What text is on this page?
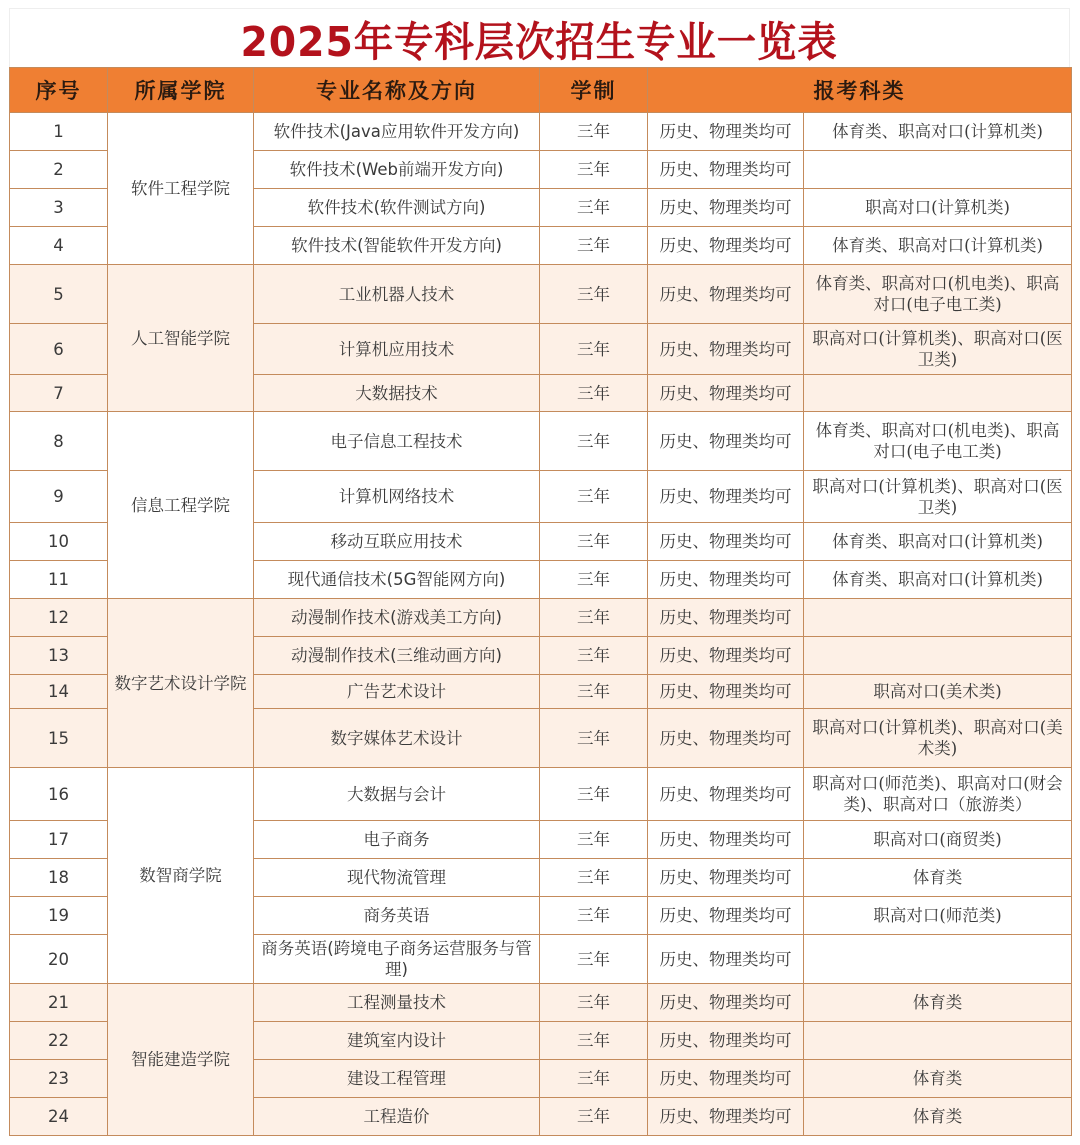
2025年专科层次招生专业一览表
序号	所属学院	专业名称及方向	学制	报考科类	
1	软件工程学院	软件技术(Java应用软件开发方向)	三年	历史、物理类均可	体育类、职高对口(计算机类)
2		软件技术(Web前端开发方向)	三年	历史、物理类均可	
3		软件技术(软件测试方向)	三年	历史、物理类均可	职高对口(计算机类)
4		软件技术(智能软件开发方向)	三年	历史、物理类均可	体育类、职高对口(计算机类)
5	人工智能学院	工业机器人技术	三年	历史、物理类均可	体育类、职高对口(机电类)、职高对口(电子电工类)
6		计算机应用技术	三年	历史、物理类均可	职高对口(计算机类)、职高对口(医卫类)
7		大数据技术	三年	历史、物理类均可	
8	信息工程学院	电子信息工程技术	三年	历史、物理类均可	体育类、职高对口(机电类)、职高对口(电子电工类)
9		计算机网络技术	三年	历史、物理类均可	职高对口(计算机类)、职高对口(医卫类)
10		移动互联应用技术	三年	历史、物理类均可	体育类、职高对口(计算机类)
11		现代通信技术(5G智能网方向)	三年	历史、物理类均可	体育类、职高对口(计算机类)
12	数字艺术设计学院	动漫制作技术(游戏美工方向)	三年	历史、物理类均可	
13		动漫制作技术(三维动画方向)	三年	历史、物理类均可	
14		广告艺术设计	三年	历史、物理类均可	职高对口(美术类)
15		数字媒体艺术设计	三年	历史、物理类均可	职高对口(计算机类)、职高对口(美术类)
16	数智商学院	大数据与会计	三年	历史、物理类均可	职高对口(师范类)、职高对口(财会类)、职高对口（旅游类）
17		电子商务	三年	历史、物理类均可	职高对口(商贸类)
18		现代物流管理	三年	历史、物理类均可	体育类
19		商务英语	三年	历史、物理类均可	职高对口(师范类)
20		商务英语(跨境电子商务运营服务与管理)	三年	历史、物理类均可	
21	智能建造学院	工程测量技术	三年	历史、物理类均可	体育类
22		建筑室内设计	三年	历史、物理类均可	
23		建设工程管理	三年	历史、物理类均可	体育类
24		工程造价	三年	历史、物理类均可	体育类
